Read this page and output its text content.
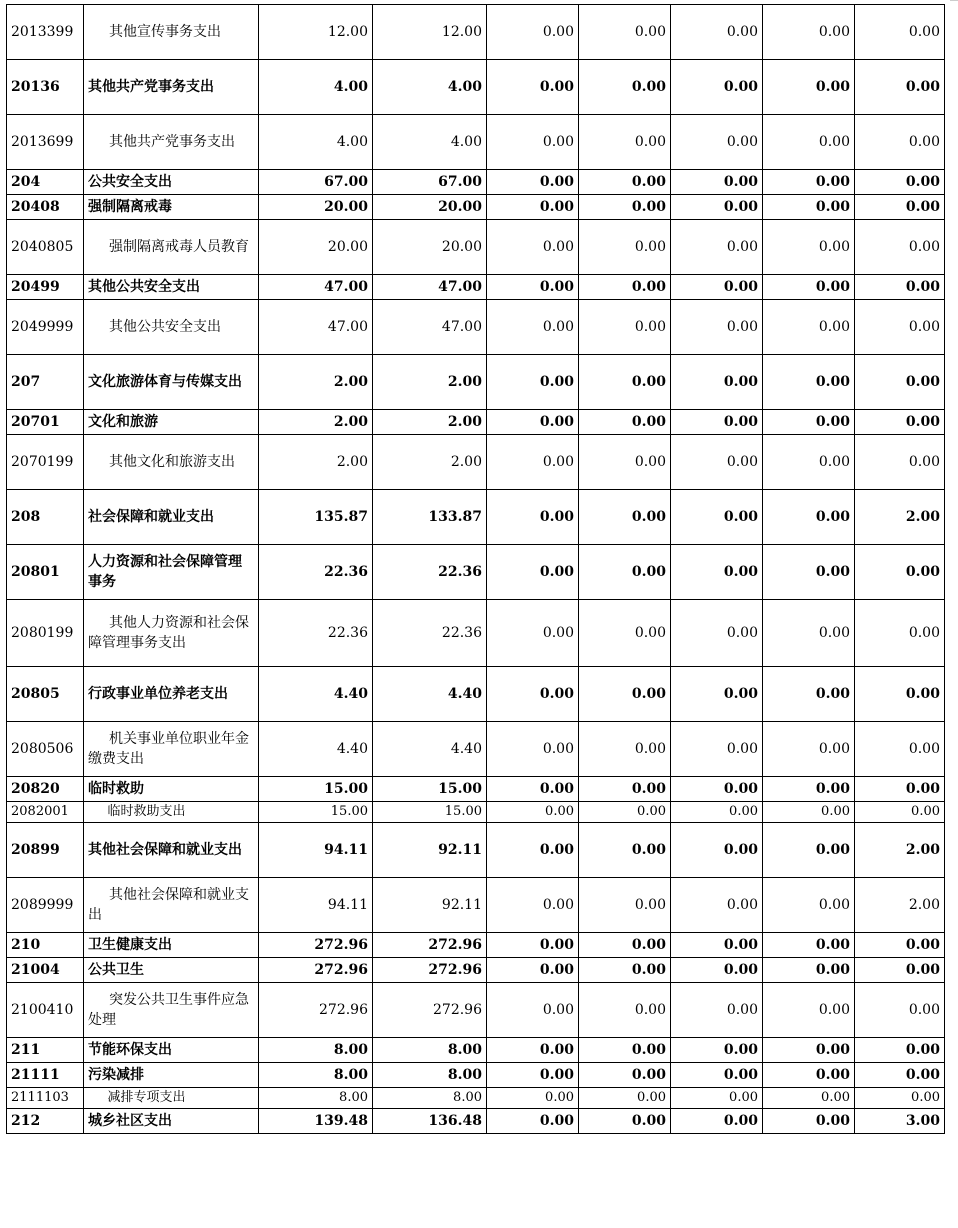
2013399	其他宣传事务支出	12.00	12.00	0.00	0.00	0.00	0.00	0.00
20136	其他共产党事务支出	4.00	4.00	0.00	0.00	0.00	0.00	0.00
2013699	其他共产党事务支出	4.00	4.00	0.00	0.00	0.00	0.00	0.00
204	公共安全支出	67.00	67.00	0.00	0.00	0.00	0.00	0.00
20408	强制隔离戒毒	20.00	20.00	0.00	0.00	0.00	0.00	0.00
2040805	强制隔离戒毒人员教育	20.00	20.00	0.00	0.00	0.00	0.00	0.00
20499	其他公共安全支出	47.00	47.00	0.00	0.00	0.00	0.00	0.00
2049999	其他公共安全支出	47.00	47.00	0.00	0.00	0.00	0.00	0.00
207	文化旅游体育与传媒支出	2.00	2.00	0.00	0.00	0.00	0.00	0.00
20701	文化和旅游	2.00	2.00	0.00	0.00	0.00	0.00	0.00
2070199	其他文化和旅游支出	2.00	2.00	0.00	0.00	0.00	0.00	0.00
208	社会保障和就业支出	135.87	133.87	0.00	0.00	0.00	0.00	2.00
20801	人力资源和社会保障管理事务	22.36	22.36	0.00	0.00	0.00	0.00	0.00
2080199	其他人力资源和社会保障管理事务支出	22.36	22.36	0.00	0.00	0.00	0.00	0.00
20805	行政事业单位养老支出	4.40	4.40	0.00	0.00	0.00	0.00	0.00
2080506	机关事业单位职业年金缴费支出	4.40	4.40	0.00	0.00	0.00	0.00	0.00
20820	临时救助	15.00	15.00	0.00	0.00	0.00	0.00	0.00
2082001	临时救助支出	15.00	15.00	0.00	0.00	0.00	0.00	0.00
20899	其他社会保障和就业支出	94.11	92.11	0.00	0.00	0.00	0.00	2.00
2089999	其他社会保障和就业支出	94.11	92.11	0.00	0.00	0.00	0.00	2.00
210	卫生健康支出	272.96	272.96	0.00	0.00	0.00	0.00	0.00
21004	公共卫生	272.96	272.96	0.00	0.00	0.00	0.00	0.00
2100410	突发公共卫生事件应急处理	272.96	272.96	0.00	0.00	0.00	0.00	0.00
211	节能环保支出	8.00	8.00	0.00	0.00	0.00	0.00	0.00
21111	污染减排	8.00	8.00	0.00	0.00	0.00	0.00	0.00
2111103	减排专项支出	8.00	8.00	0.00	0.00	0.00	0.00	0.00
212	城乡社区支出	139.48	136.48	0.00	0.00	0.00	0.00	3.00
